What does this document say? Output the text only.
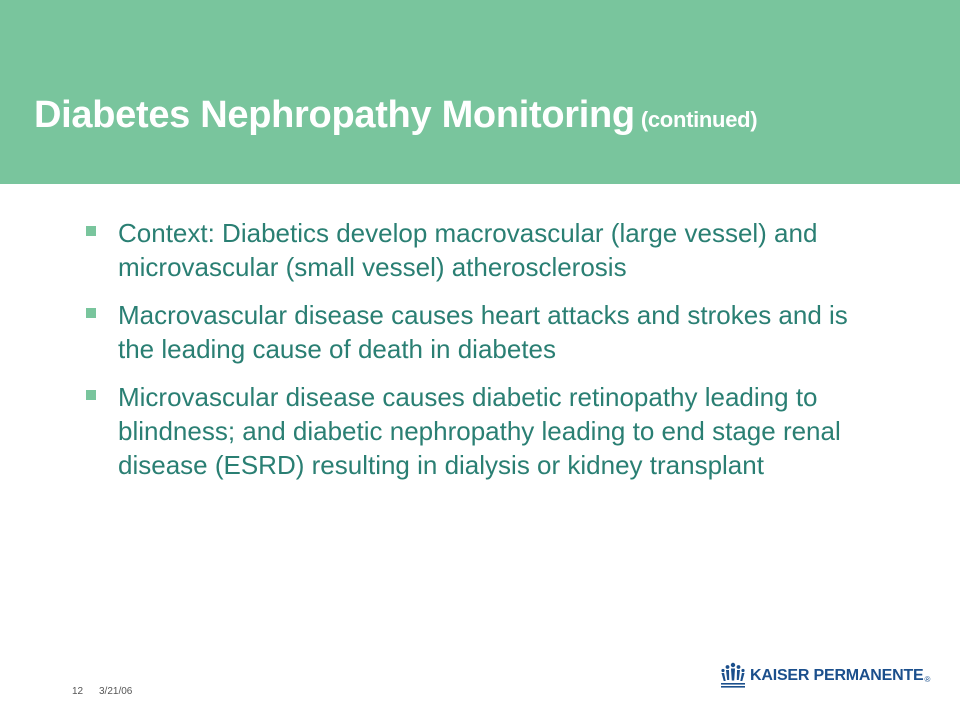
Diabetes Nephropathy Monitoring (continued)
Context: Diabetics develop macrovascular (large vessel) and microvascular (small vessel) atherosclerosis
Macrovascular disease causes heart attacks and strokes and is the leading cause of death in diabetes
Microvascular disease causes diabetic retinopathy leading to blindness; and diabetic nephropathy leading to end stage renal disease (ESRD) resulting in dialysis or kidney transplant
12 3/21/06
KAISER PERMANENTE ®
